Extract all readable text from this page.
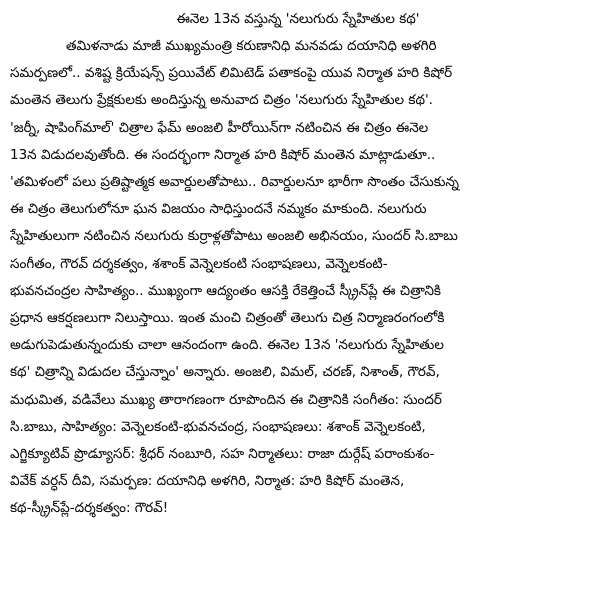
ఈనెల 13న వస్తున్న 'నలుగురు స్నేహితుల కథ'

తమిళనాడు మాజీ ముఖ్యమంత్రి కరుణానిధి మనవడు దయానిధి అళగిరి
సమర్పణలో.. వశిష్ట క్రియేషన్స్ ప్రయివేట్ లిమిటెడ్ పతాకంపై యువ నిర్మాత హరి కిషోర్
మంతెన తెలుగు ప్రేక్షకులకు అందిస్తున్న అనువాద చిత్రం 'నలుగురు స్నేహితుల కథ'.
'జర్నీ, షాపింగ్‌మాల్' చిత్రాల ఫేమ్ అంజలి హీరోయిన్‌గా నటించిన ఈ చిత్రం ఈనెల
13న విడుదలవుతోంది. ఈ సందర్భంగా నిర్మాత హరి కిషోర్ మంతెన మాట్లాడుతూ..
'తమిళంలో పలు ప్రతిష్టాత్మక అవార్డులతోపాటు.. రివార్డులనూ భారీగా సొంతం చేసుకున్న
ఈ చిత్రం తెలుగులోనూ ఘన విజయం సాధిస్తుందనే నమ్మకం మాకుంది. నలుగురు
స్నేహితులుగా నటించిన నలుగురు కుర్రాళ్లతోపాటు అంజలి అభినయం, సుందర్ సి.బాబు
సంగీతం, గౌరవ్ దర్శకత్వం, శశాంక్ వెన్నెలకంటి సంభాషణలు, వెన్నెలకంటి-
భువనచంద్రల సాహిత్యం.. ముఖ్యంగా ఆద్యంతం ఆసక్తి రేకెత్తించే స్క్రీన్‌ప్లే ఈ చిత్రానికి
ప్రధాన ఆకర్షణలుగా నిలుస్తాయి. ఇంత మంచి చిత్రంతో తెలుగు చిత్ర నిర్మాణరంగంలోకి
అడుగుపెడుతున్నందుకు చాలా ఆనందంగా ఉంది. ఈనెల 13న 'నలుగురు స్నేహితుల
కథ' చిత్రాన్ని విడుదల చేస్తున్నాం' అన్నారు. అంజలి, విమల్, చరణ్, నిశాంత్, గౌరవ్,
మధుమిత, వడివేలు ముఖ్య తారాగణంగా రూపొందిన ఈ చిత్రానికి సంగీతం: సుందర్
సి.బాబు, సాహిత్యం: వెన్నెలకంటి-భువనచంద్ర, సంభాషణలు: శశాంక్ వెన్నెలకంటి,
ఎగ్జిక్యూటివ్ ప్రొడ్యూసర్: శ్రీధర్ నంబూరి, సహ నిర్మాతలు: రాజా దుర్గేష్ పరాంకుశం-
వివేక్ వర్ధన్ దీవి, సమర్పణ: దయానిధి అళగిరి, నిర్మాత: హరి కిషోర్ మంతెన,
కథ-స్క్రీన్‌ప్లే-దర్శకత్వం: గౌరవ్!
